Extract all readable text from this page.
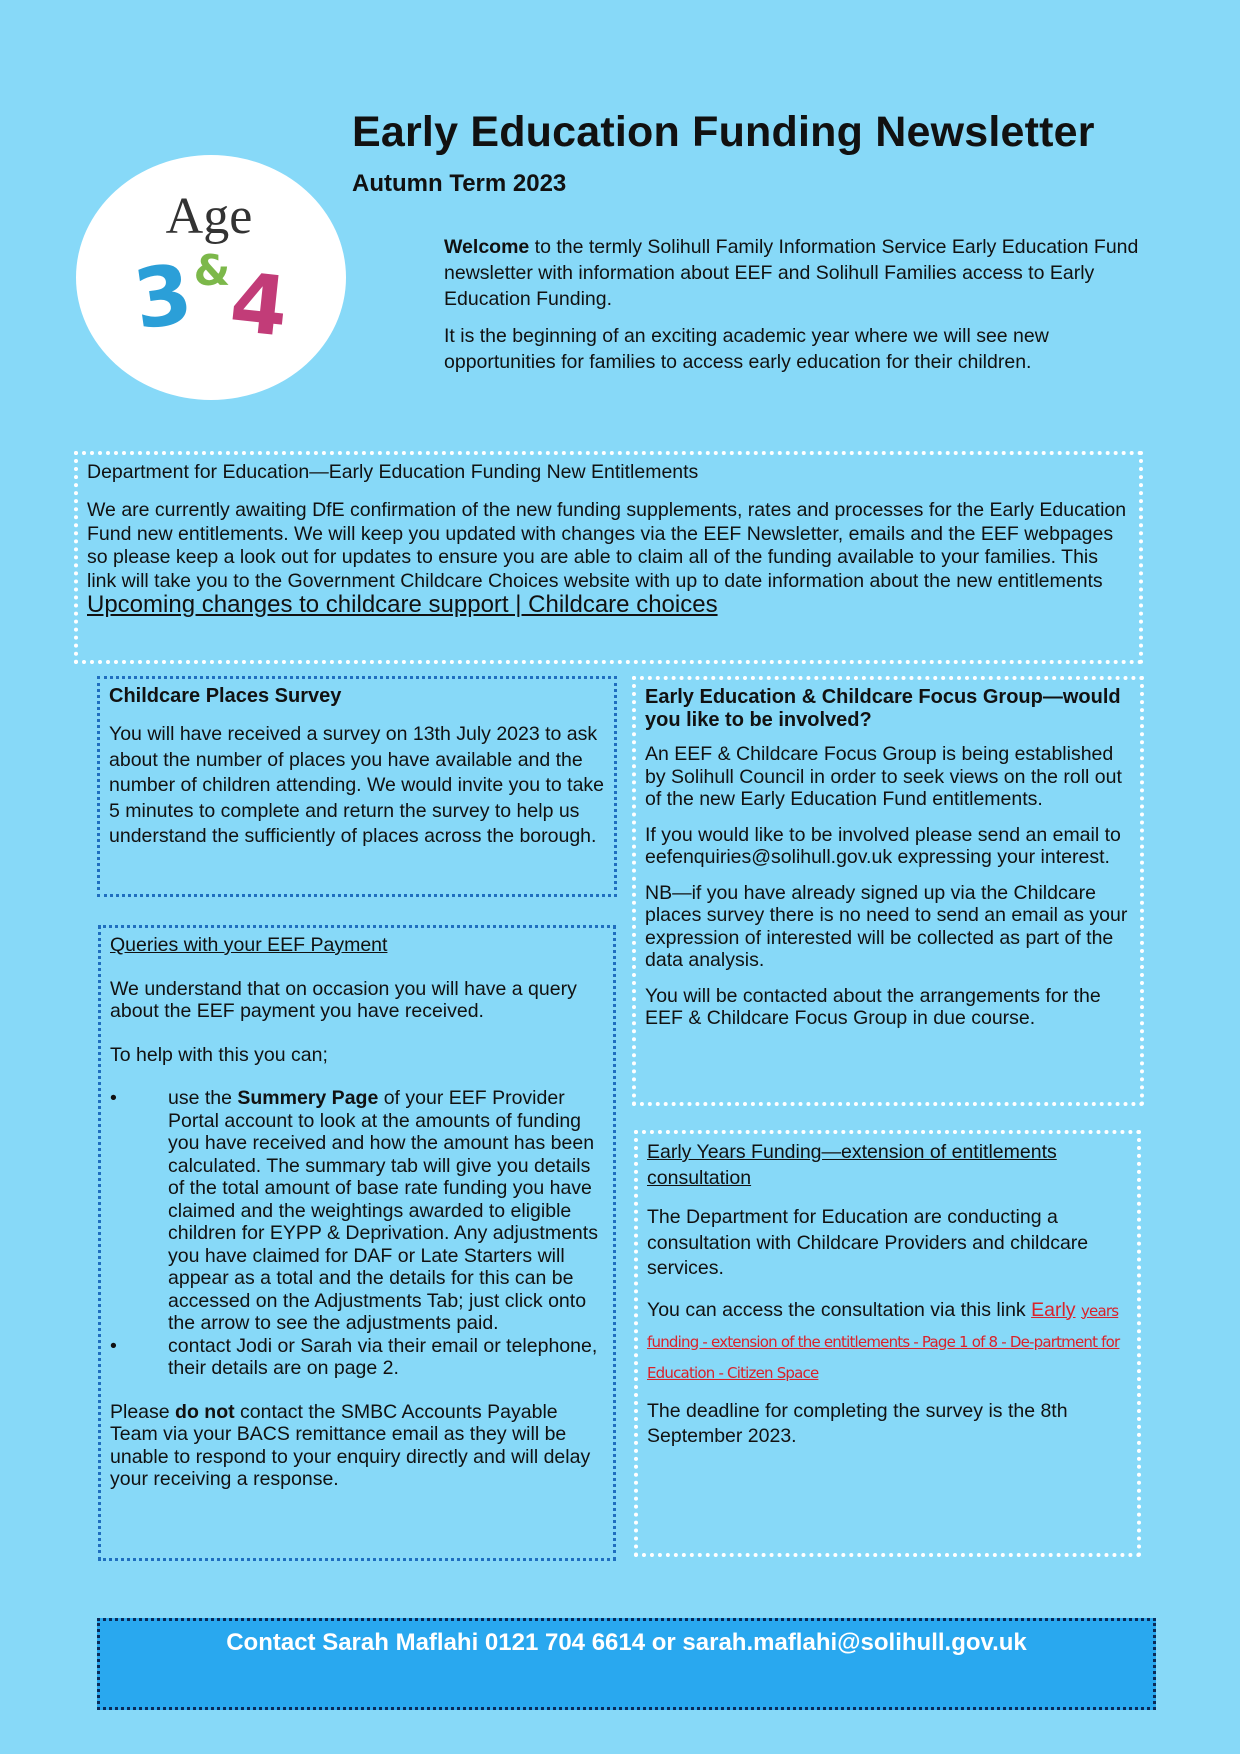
Age
3
&
4
Early Education Funding Newsletter
Autumn Term 2023

Welcome to the termly Solihull Family Information Service Early Education Fund newsletter with information about EEF and Solihull Families access to Early Education Funding.

It is the beginning of an exciting academic year where we will see new opportunities for families to access early education for their children.

Department for Education—Early Education Funding New Entitlements

We are currently awaiting DfE confirmation of the new funding supplements, rates and processes for the Early Education Fund new entitlements. We will keep you updated with changes via the EEF Newsletter, emails and the EEF webpages so please keep a look out for updates to ensure you are able to claim all of the funding available to your families. This link will take you to the Government Childcare Choices website with up to date information about the new entitlements Upcoming changes to childcare support | Childcare choices

Childcare Places Survey

You will have received a survey on 13th July 2023 to ask about the number of places you have available and the number of children attending. We would invite you to take 5 minutes to complete and return the survey to help us understand the sufficiently of places across the borough.

Queries with your EEF Payment

We understand that on occasion you will have a query about the EEF payment you have received.

To help with this you can;

•	use the Summery Page of your EEF Provider Portal account to look at the amounts of funding you have received and how the amount has been calculated. The summary tab will give you details of the total amount of base rate funding you have claimed and the weightings awarded to eligible children for EYPP & Deprivation. Any adjustments you have claimed for DAF or Late Starters will appear as a total and the details for this can be accessed on the Adjustments Tab; just click onto the arrow to see the adjustments paid.
•	contact Jodi or Sarah via their email or telephone, their details are on page 2.

Please do not contact the SMBC Accounts Payable Team via your BACS remittance email as they will be unable to respond to your enquiry directly and will delay your receiving a response.

Early Education & Childcare Focus Group—would you like to be involved?

An EEF & Childcare Focus Group is being established by Solihull Council in order to seek views on the roll out of the new Early Education Fund entitlements.

If you would like to be involved please send an email to eefenquiries@solihull.gov.uk expressing your interest.

NB—if you have already signed up via the Childcare places survey there is no need to send an email as your expression of interested will be collected as part of the data analysis.

You will be contacted about the arrangements for the EEF & Childcare Focus Group in due course.

Early Years Funding—extension of entitlements consultation

The Department for Education are conducting a consultation with Childcare Providers and childcare services.

You can access the consultation via this link Early years funding - extension of the entitlements - Page 1 of 8 - De-partment for Education - Citizen Space

The deadline for completing the survey is the 8th September 2023.

Contact Sarah Maflahi 0121 704 6614 or sarah.maflahi@solihull.gov.uk
